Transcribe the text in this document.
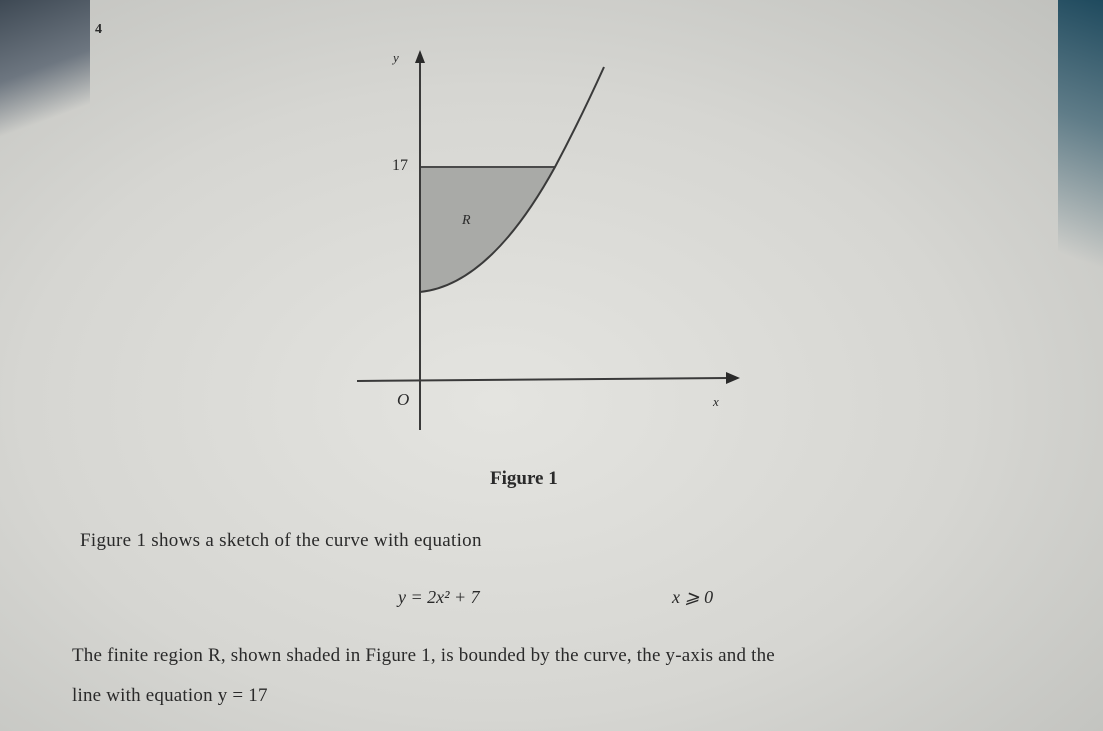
4
y
x
O
17
R
Figure 1
Figure 1 shows a sketch of the curve with equation
y = 2x² + 7	x ⩾ 0
The finite region R, shown shaded in Figure 1, is bounded by the curve, the y-axis and the
line with equation y = 17
